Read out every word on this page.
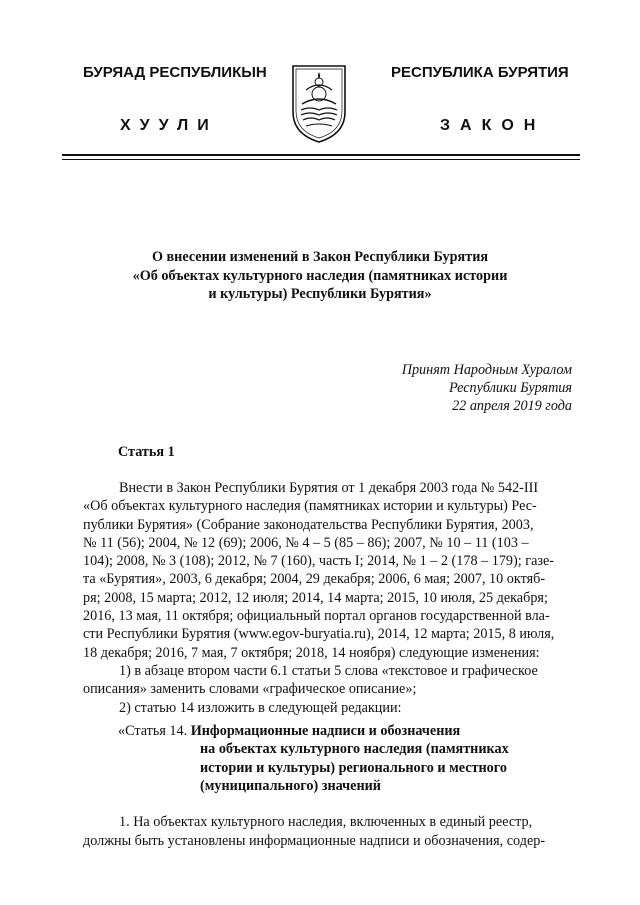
БУРЯАД РЕСПУБЛИКЫН
ХУУЛИ
РЕСПУБЛИКА БУРЯТИЯ
ЗАКОН
О внесении изменений в Закон Республики Бурятия
«Об объектах культурного наследия (памятниках истории
и культуры) Республики Бурятия»
Принят Народным Хуралом
Республики Бурятия
22 апреля 2019 года
Статья 1
Внести в Закон Республики Бурятия от 1 декабря 2003 года № 542-III
«Об объектах культурного наследия (памятниках истории и культуры) Рес-
публики Бурятия» (Собрание законодательства Республики Бурятия, 2003,
№ 11 (56); 2004, № 12 (69); 2006, № 4 – 5 (85 – 86); 2007, № 10 – 11 (103 –
104); 2008, № 3 (108); 2012, № 7 (160), часть I; 2014, № 1 – 2 (178 – 179); газе-
та «Бурятия», 2003, 6 декабря; 2004, 29 декабря; 2006, 6 мая; 2007, 10 октяб-
ря; 2008, 15 марта; 2012, 12 июля; 2014, 14 марта; 2015, 10 июля, 25 декабря;
2016, 13 мая, 11 октября; официальный портал органов государственной вла-
сти Республики Бурятия (www.egov-buryatia.ru), 2014, 12 марта; 2015, 8 июля,
18 декабря; 2016, 7 мая, 7 октября; 2018, 14 ноября) следующие изменения:
1) в абзаце втором части 6.1 статьи 5 слова «текстовое и графическое
описания» заменить словами «графическое описание»;
2) статью 14 изложить в следующей редакции:
«Статья 14. Информационные надписи и обозначения
на объектах культурного наследия (памятниках
истории и культуры) регионального и местного
(муниципального) значений
1. На объектах культурного наследия, включенных в единый реестр,
должны быть установлены информационные надписи и обозначения, содер-
